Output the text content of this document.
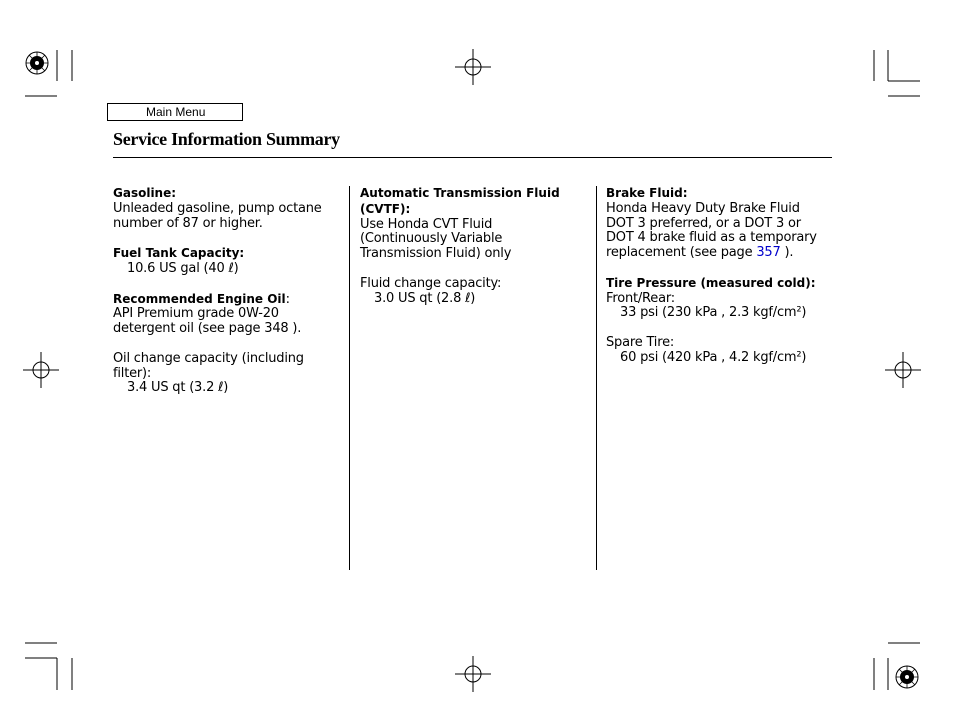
Main Menu
Service Information Summary

Gasoline:

Unleaded gasoline, pump octane

number of 87 or higher.

Fuel Tank Capacity:

10.6 US gal (40 ℓ)

Recommended Engine Oil:

API Premium grade 0W-20

detergent oil (see page 348 ).

Oil change capacity (including

filter):

3.4 US qt (3.2 ℓ)

Automatic Transmission Fluid

(CVTF):

Use Honda CVT Fluid

(Continuously Variable

Transmission Fluid) only

Fluid change capacity:

3.0 US qt (2.8 ℓ)

Brake Fluid:

Honda Heavy Duty Brake Fluid

DOT 3 preferred, or a DOT 3 or

DOT 4 brake fluid as a temporary

replacement (see page 357 ).

Tire Pressure (measured cold):

Front/Rear:

33 psi (230 kPa , 2.3 kgf/cm²)

Spare Tire:

60 psi (420 kPa , 4.2 kgf/cm²)
